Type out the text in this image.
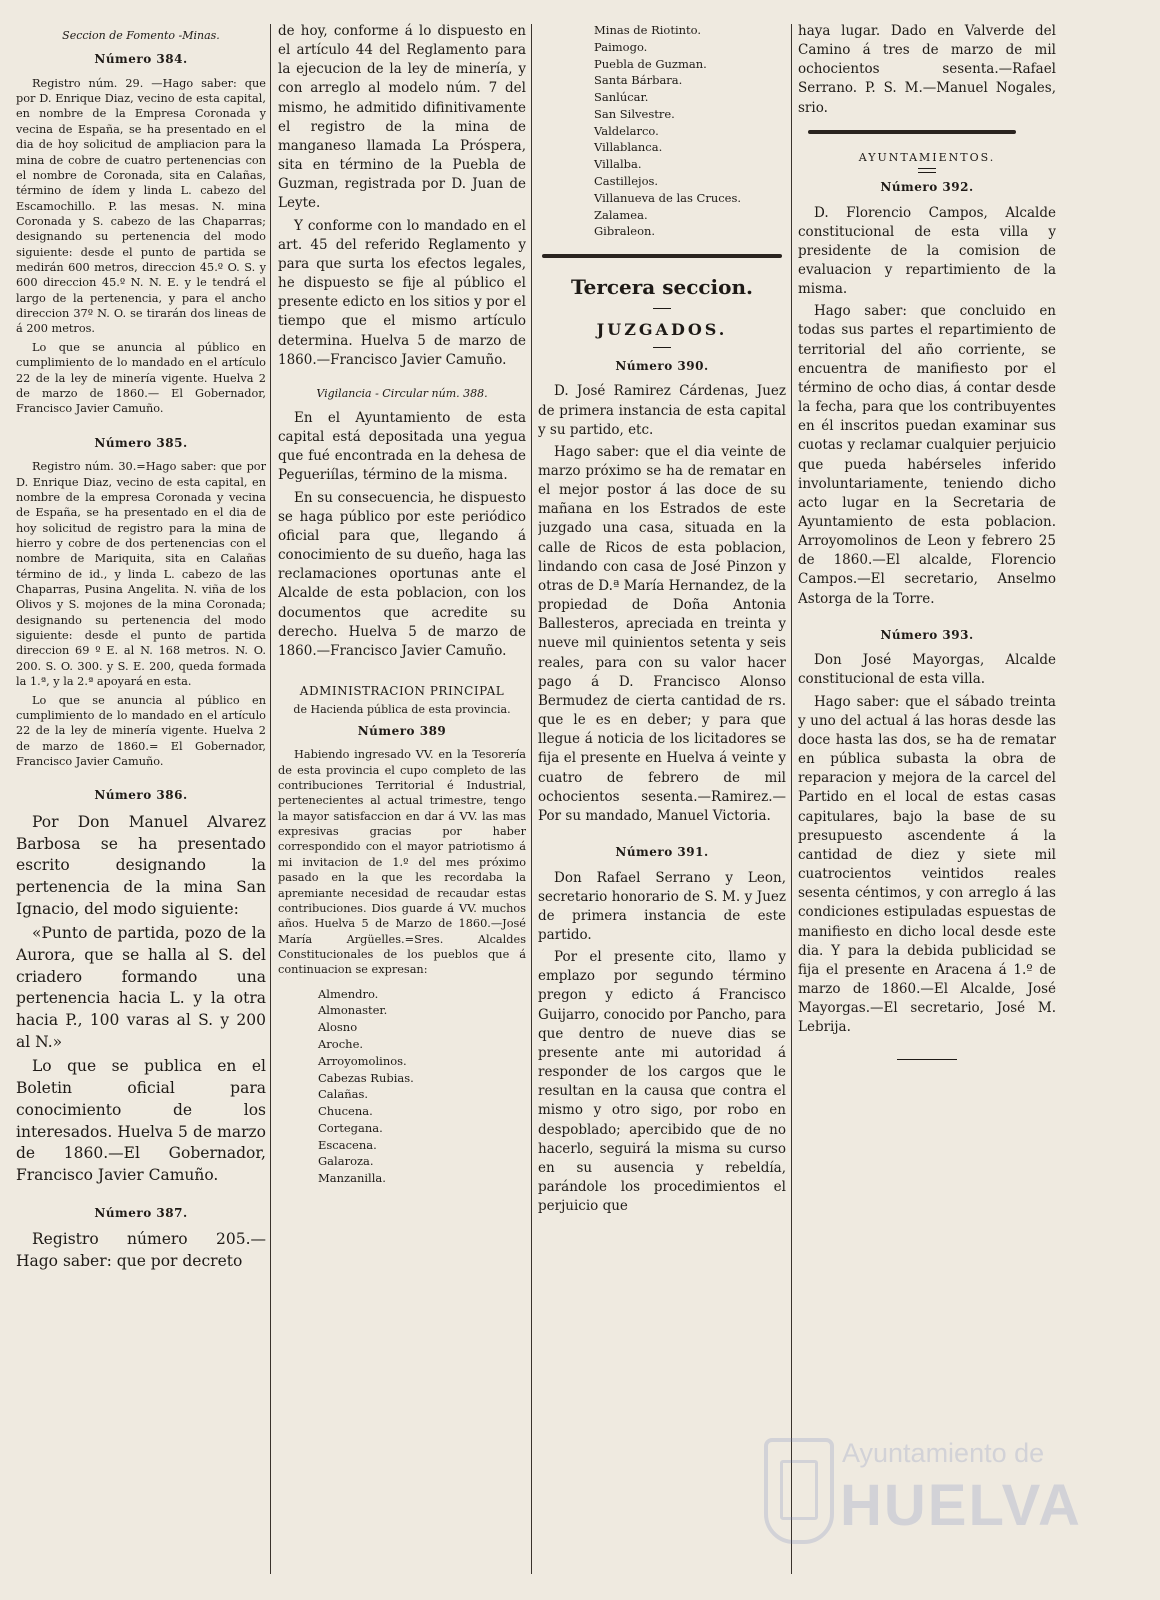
Seccion de Fomento -Minas.
Número 384.

Registro núm. 29. —Hago saber: que por D. Enrique Diaz, vecino de esta capital, en nombre de la Empresa Coronada y vecina de España, se ha presentado en el dia de hoy solicitud de ampliacion para la mina de cobre de cuatro pertenencias con el nombre de Coronada, sita en Calañas, término de ídem y linda L. cabezo del Escamochillo. P. las mesas. N. mina Coronada y S. cabezo de las Chaparras; designando su pertenencia del modo siguiente: desde el punto de partida se medirán 600 metros, direccion 45.º O. S. y 600 direccion 45.º N. N. E. y le tendrá el largo de la pertenencia, y para el ancho direccion 37º N. O. se tirarán dos lineas de á 200 metros.

Lo que se anuncia al público en cumplimiento de lo mandado en el artículo 22 de la ley de minería vigente. Huelva 2 de marzo de 1860.— El Gobernador, Francisco Javier Camuño.

Número 385.

Registro núm. 30.=Hago saber: que por D. Enrique Diaz, vecino de esta capital, en nombre de la empresa Coronada y vecina de España, se ha presentado en el dia de hoy solicitud de registro para la mina de hierro y cobre de dos pertenencias con el nombre de Mariquita, sita en Calañas término de id., y linda L. cabezo de las Chaparras, Pusina Angelita. N. viña de los Olivos y S. mojones de la mina Coronada; designando su pertenencia del modo siguiente: desde el punto de partida direccion 69 º E. al N. 168 metros. N. O. 200. S. O. 300. y S. E. 200, queda formada la 1.ª, y la 2.ª apoyará en esta.

Lo que se anuncia al público en cumplimiento de lo mandado en el artículo 22 de la ley de minería vigente. Huelva 2 de marzo de 1860.= El Gobernador, Francisco Javier Camuño.

Número 386.

Por Don Manuel Alvarez Barbosa se ha presentado escrito designando la pertenencia de la mina San Ignacio, del modo siguiente:

«Punto de partida, pozo de la Aurora, que se halla al S. del criadero formando una pertenencia hacia L. y la otra hacia P., 100 varas al S. y 200 al N.»

Lo que se publica en el Boletin oficial para conocimiento de los interesados. Huelva 5 de marzo de 1860.—El Gobernador, Francisco Javier Camuño.

Número 387.

Registro número 205.— Hago saber: que por decreto

de hoy, conforme á lo dispuesto en el artículo 44 del Reglamento para la ejecucion de la ley de minería, y con arreglo al modelo núm. 7 del mismo, he admitido difinitivamente el registro de la mina de manganeso llamada La Próspera, sita en término de la Puebla de Guzman, registrada por D. Juan de Leyte.

Y conforme con lo mandado en el art. 45 del referido Reglamento y para que surta los efectos legales, he dispuesto se fije al público el presente edicto en los sitios y por el tiempo que el mismo artículo determina. Huelva 5 de marzo de 1860.—Francisco Javier Camuño.

Vigilancia - Circular núm. 388.

En el Ayuntamiento de esta capital está depositada una yegua que fué encontrada en la dehesa de Pegueriílas, término de la misma.

En su consecuencia, he dispuesto se haga público por este periódico oficial para que, llegando á conocimiento de su dueño, haga las reclamaciones oportunas ante el Alcalde de esta poblacion, con los documentos que acredite su derecho. Huelva 5 de marzo de 1860.—Francisco Javier Camuño.

ADMINISTRACION PRINCIPAL
de Hacienda pública de esta provincia.
Número 389

Habiendo ingresado VV. en la Tesorería de esta provincia el cupo completo de las contribuciones Territorial é Industrial, pertenecientes al actual trimestre, tengo la mayor satisfaccion en dar á VV. las mas expresivas gracias por haber correspondido con el mayor patriotismo á mi invitacion de 1.º del mes próximo pasado en la que les recordaba la apremiante necesidad de recaudar estas contribuciones. Dios guarde á VV. muchos años. Huelva 5 de Marzo de 1860.—José María Argüelles.=Sres. Alcaldes Constitucionales de los pueblos que á continuacion se expresan:

Almendro.
Almonaster.
Alosno
Aroche.
Arroyomolinos.
Cabezas Rubias.
Calañas.
Chucena.
Cortegana.
Escacena.
Galaroza.
Manzanilla.
Minas de Riotinto.
Paimogo.
Puebla de Guzman.
Santa Bárbara.
Sanlúcar.
San Silvestre.
Valdelarco.
Villablanca.
Villalba.
Castillejos.
Villanueva de las Cruces.
Zalamea.
Gibraleon.
Tercera seccion.
JUZGADOS.
Número 390.

D. José Ramirez Cárdenas, Juez de primera instancia de esta capital y su partido, etc.

Hago saber: que el dia veinte de marzo próximo se ha de rematar en el mejor postor á las doce de su mañana en los Estrados de este juzgado una casa, situada en la calle de Ricos de esta poblacion, lindando con casa de José Pinzon y otras de D.ª María Hernandez, de la propiedad de Doña Antonia Ballesteros, apreciada en treinta y nueve mil quinientos setenta y seis reales, para con su valor hacer pago á D. Francisco Alonso Bermudez de cierta cantidad de rs. que le es en deber; y para que llegue á noticia de los licitadores se fija el presente en Huelva á veinte y cuatro de febrero de mil ochocientos sesenta.—Ramirez.—Por su mandado, Manuel Victoria.

Número 391.

Don Rafael Serrano y Leon, secretario honorario de S. M. y Juez de primera instancia de este partido.

Por el presente cito, llamo y emplazo por segundo término pregon y edicto á Francisco Guijarro, conocido por Pancho, para que dentro de nueve dias se presente ante mi autoridad á responder de los cargos que le resultan en la causa que contra el mismo y otro sigo, por robo en despoblado; apercibido que de no hacerlo, seguirá la misma su curso en su ausencia y rebeldía, parándole los procedimientos el perjuicio que

haya lugar. Dado en Valverde del Camino á tres de marzo de mil ochocientos sesenta.—Rafael Serrano. P. S. M.—Manuel Nogales, srio.

AYUNTAMIENTOS.
Número 392.

D. Florencio Campos, Alcalde constitucional de esta villa y presidente de la comision de evaluacion y repartimiento de la misma.

Hago saber: que concluido en todas sus partes el repartimiento de territorial del año corriente, se encuentra de manifiesto por el término de ocho dias, á contar desde la fecha, para que los contribuyentes en él inscritos puedan examinar sus cuotas y reclamar cualquier perjuicio que pueda habérseles inferido involuntariamente, teniendo dicho acto lugar en la Secretaria de Ayuntamiento de esta poblacion. Arroyomolinos de Leon y febrero 25 de 1860.—El alcalde, Florencio Campos.—El secretario, Anselmo Astorga de la Torre.

Número 393.

Don José Mayorgas, Alcalde constitucional de esta villa.

Hago saber: que el sábado treinta y uno del actual á las horas desde las doce hasta las dos, se ha de rematar en pública subasta la obra de reparacion y mejora de la carcel del Partido en el local de estas casas capitulares, bajo la base de su presupuesto ascendente á la cantidad de diez y siete mil cuatrocientos veintidos reales sesenta céntimos, y con arreglo á las condiciones estipuladas espuestas de manifiesto en dicho local desde este dia. Y para la debida publicidad se fija el presente en Aracena á 1.º de marzo de 1860.—El Alcalde, José Mayorgas.—El secretario, José M. Lebrija.

Ayuntamiento de
HUELVA
